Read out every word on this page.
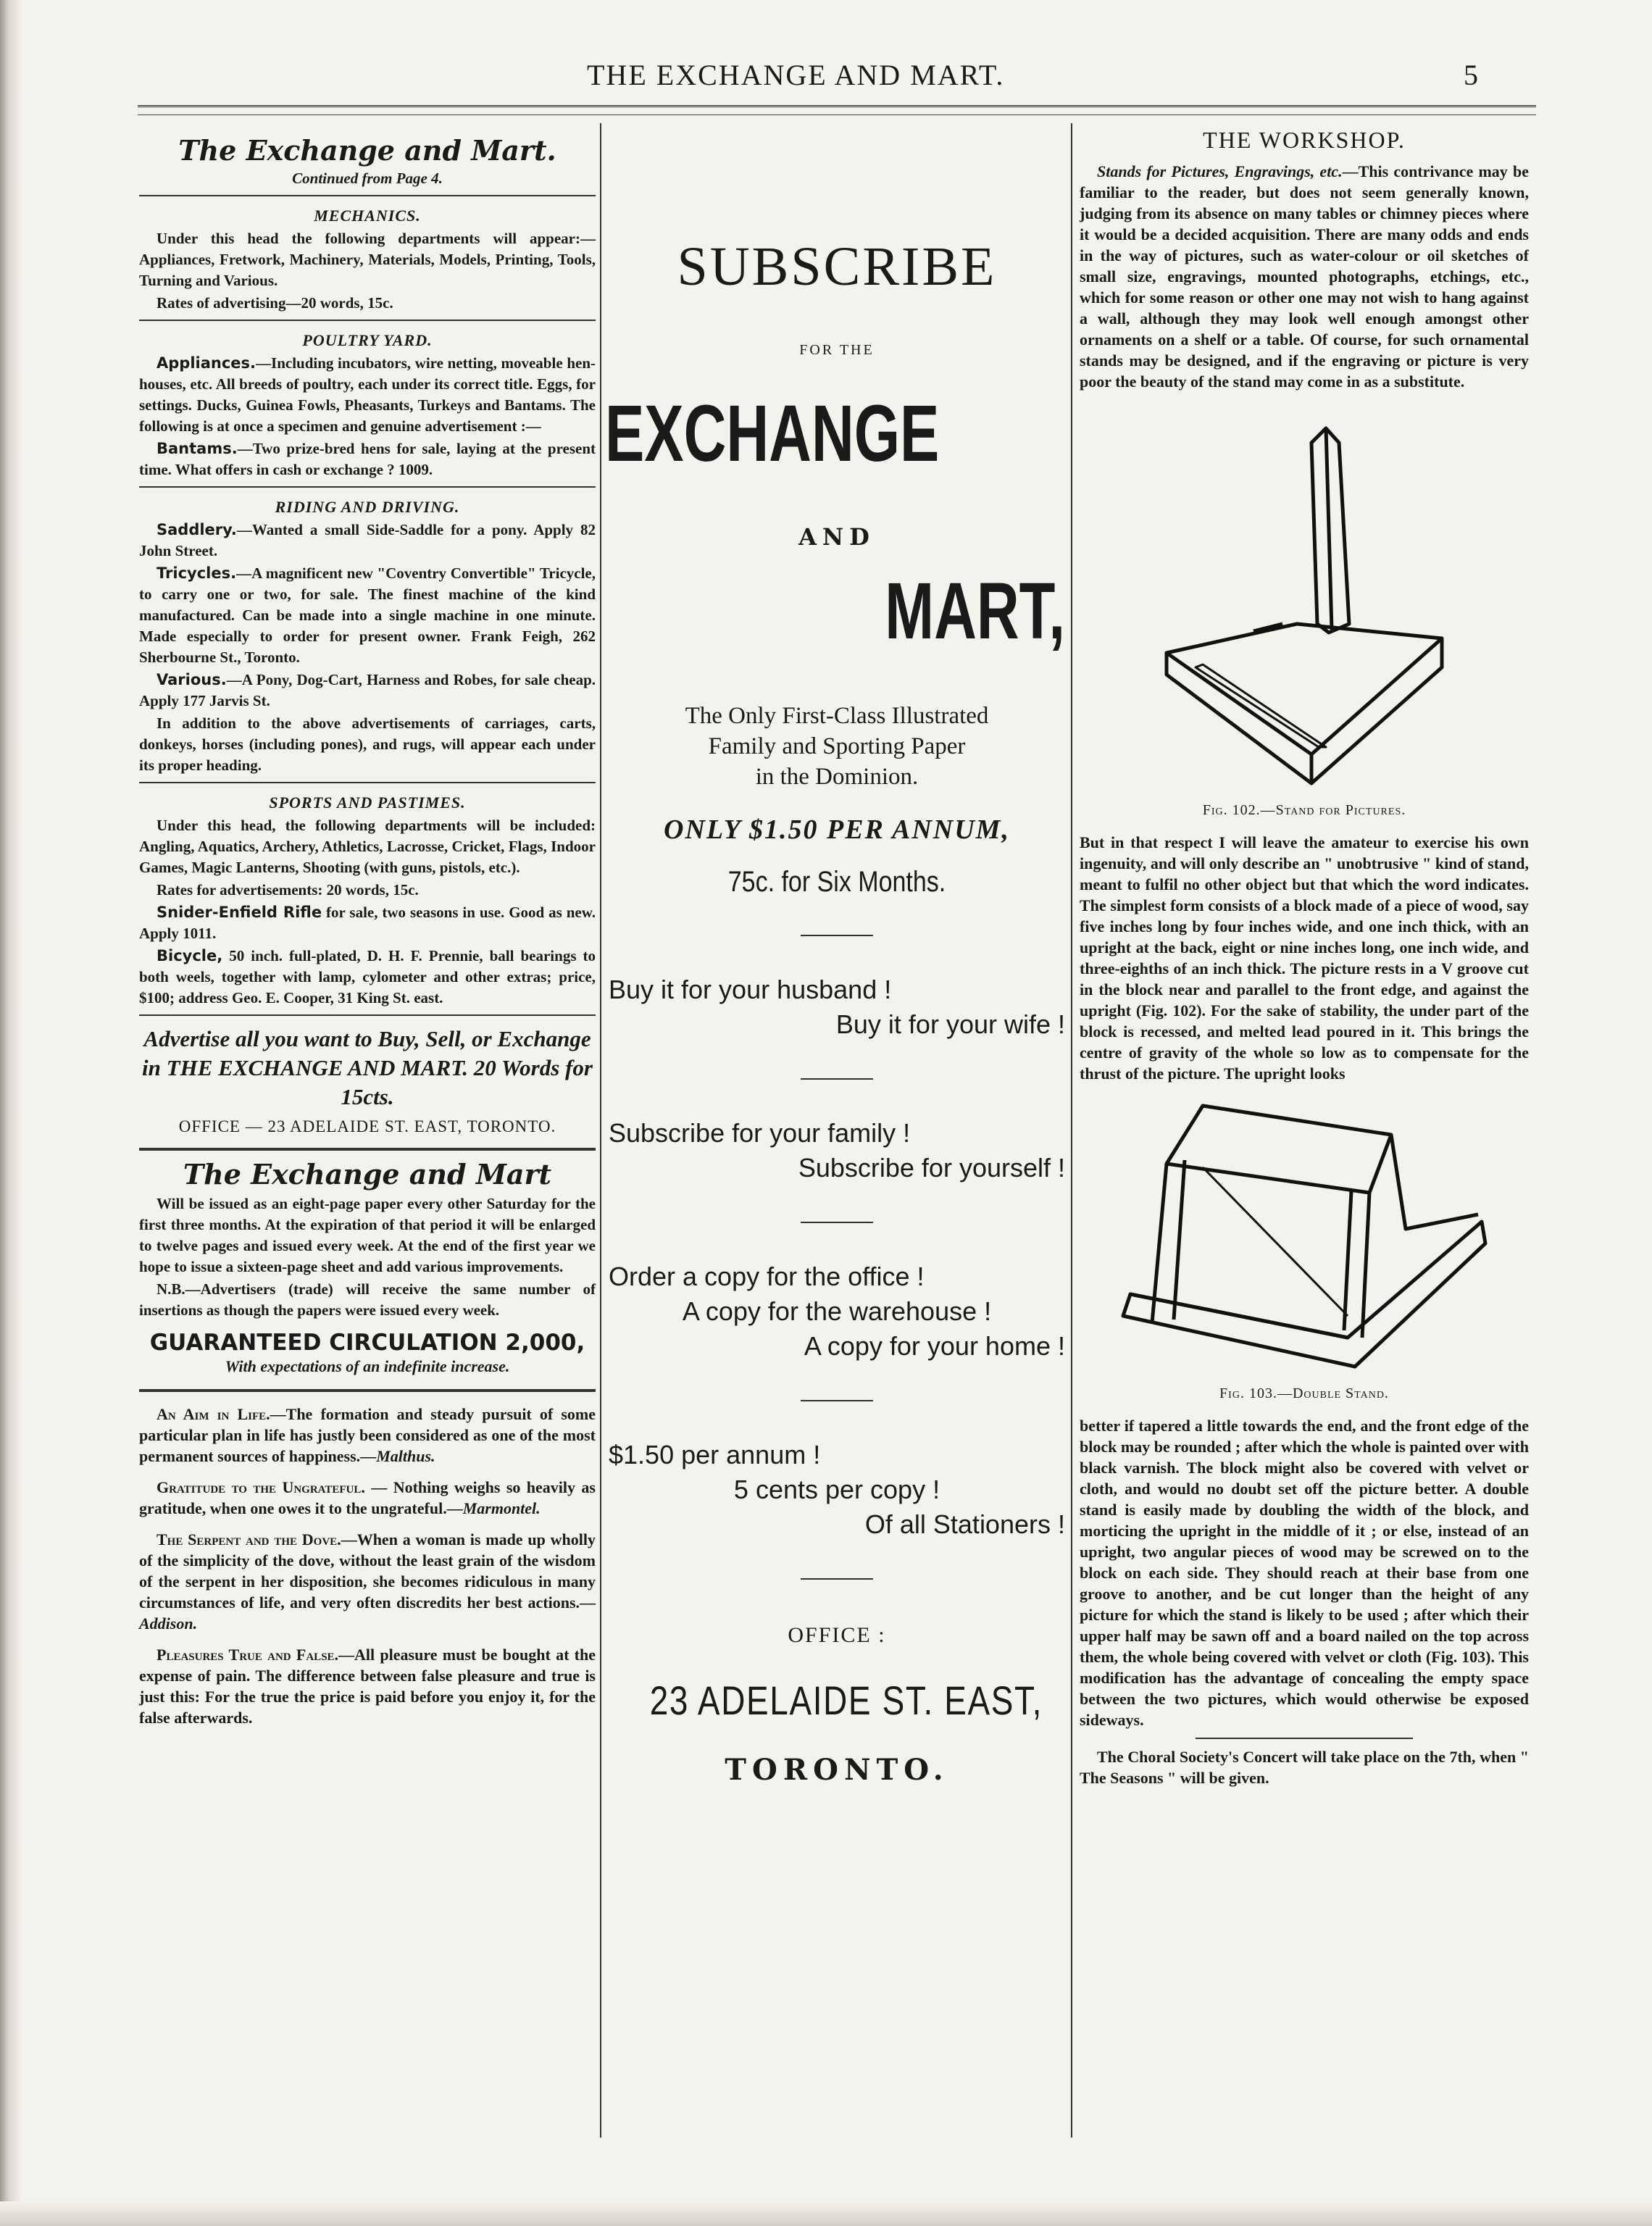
THE EXCHANGE AND MART.	5
The Exchange and Mart.
Continued from Page 4.
MECHANICS.

Under this head the following departments will appear:—Appliances, Fretwork, Machinery, Materials, Models, Printing, Tools, Turning and Various.

Rates of advertising—20 words, 15c.

POULTRY YARD.

Appliances.—Including incubators, wire netting, moveable hen-houses, etc. All breeds of poultry, each under its correct title. Eggs, for settings. Ducks, Guinea Fowls, Pheasants, Turkeys and Bantams. The following is at once a specimen and genuine advertisement :—

Bantams.—Two prize-bred hens for sale, laying at the present time. What offers in cash or exchange ? 1009.

RIDING AND DRIVING.

Saddlery.—Wanted a small Side-Saddle for a pony. Apply 82 John Street.

Tricycles.—A magnificent new "Coventry Convertible" Tricycle, to carry one or two, for sale. The finest machine of the kind manufactured. Can be made into a single machine in one minute. Made especially to order for present owner. Frank Feigh, 262 Sherbourne St., Toronto.

Various.—A Pony, Dog-Cart, Harness and Robes, for sale cheap. Apply 177 Jarvis St.

In addition to the above advertisements of carriages, carts, donkeys, horses (including pones), and rugs, will appear each under its proper heading.

SPORTS AND PASTIMES.

Under this head, the following departments will be included: Angling, Aquatics, Archery, Athletics, Lacrosse, Cricket, Flags, Indoor Games, Magic Lanterns, Shooting (with guns, pistols, etc.).

Rates for advertisements: 20 words, 15c.

Snider-Enfield Rifle for sale, two seasons in use. Good as new. Apply 1011.

Bicycle, 50 inch. full-plated, D. H. F. Prennie, ball bearings to both weels, together with lamp, cylometer and other extras; price, $100; address Geo. E. Cooper, 31 King St. east.

Advertise all you want to Buy, Sell, or Exchange in THE EXCHANGE AND MART. 20 Words for 15cts.
OFFICE — 23 ADELAIDE ST. EAST, TORONTO.
The Exchange and Mart

Will be issued as an eight-page paper every other Saturday for the first three months. At the expiration of that period it will be enlarged to twelve pages and issued every week. At the end of the first year we hope to issue a sixteen-page sheet and add various improvements.

N.B.—Advertisers (trade) will receive the same number of insertions as though the papers were issued every week.

GUARANTEED CIRCULATION 2,000,
With expectations of an indefinite increase.

An Aim in Life.—The formation and steady pursuit of some particular plan in life has justly been considered as one of the most permanent sources of happiness.—Malthus.

Gratitude to the Ungrateful. — Nothing weighs so heavily as gratitude, when one owes it to the ungrateful.—Marmontel.

The Serpent and the Dove.—When a woman is made up wholly of the simplicity of the dove, without the least grain of the wisdom of the serpent in her disposition, she becomes ridiculous in many circumstances of life, and very often discredits her best actions.—Addison.

Pleasures True and False.—All pleasure must be bought at the expense of pain. The difference between false pleasure and true is just this: For the true the price is paid before you enjoy it, for the false afterwards.

SUBSCRIBE
FOR THE
EXCHANGE
AND
MART,
The Only First-Class Illustrated
Family and Sporting Paper
in the Dominion.
ONLY $1.50 PER ANNUM,
75c. for Six Months.
Buy it for your husband !
Buy it for your wife !
Subscribe for your family !
Subscribe for yourself !
Order a copy for the office !
A copy for the warehouse !
A copy for your home !
$1.50 per annum !
5 cents per copy !
Of all Stationers !
OFFICE :
23 ADELAIDE ST. EAST,
TORONTO.
THE WORKSHOP.

Stands for Pictures, Engravings, etc.—This contrivance may be familiar to the reader, but does not seem generally known, judging from its absence on many tables or chimney pieces where it would be a decided acquisition. There are many odds and ends in the way of pictures, such as water-colour or oil sketches of small size, engravings, mounted photographs, etchings, etc., which for some reason or other one may not wish to hang against a wall, although they may look well enough amongst other ornaments on a shelf or a table. Of course, for such ornamental stands may be designed, and if the engraving or picture is very poor the beauty of the stand may come in as a substitute.

Fig. 102.—Stand for Pictures.

But in that respect I will leave the amateur to exercise his own ingenuity, and will only describe an " unobtrusive " kind of stand, meant to fulfil no other object but that which the word indicates. The simplest form consists of a block made of a piece of wood, say five inches long by four inches wide, and one inch thick, with an upright at the back, eight or nine inches long, one inch wide, and three-eighths of an inch thick. The picture rests in a V groove cut in the block near and parallel to the front edge, and against the upright (Fig. 102). For the sake of stability, the under part of the block is recessed, and melted lead poured in it. This brings the centre of gravity of the whole so low as to compensate for the thrust of the picture. The upright looks

Fig. 103.—Double Stand.

better if tapered a little towards the end, and the front edge of the block may be rounded ; after which the whole is painted over with black varnish. The block might also be covered with velvet or cloth, and would no doubt set off the picture better. A double stand is easily made by doubling the width of the block, and morticing the upright in the middle of it ; or else, instead of an upright, two angular pieces of wood may be screwed on to the block on each side. They should reach at their base from one groove to another, and be cut longer than the height of any picture for which the stand is likely to be used ; after which their upper half may be sawn off and a board nailed on the top across them, the whole being covered with velvet or cloth (Fig. 103). This modification has the advantage of concealing the empty space between the two pictures, which would otherwise be exposed sideways.

The Choral Society's Concert will take place on the 7th, when " The Seasons " will be given.
